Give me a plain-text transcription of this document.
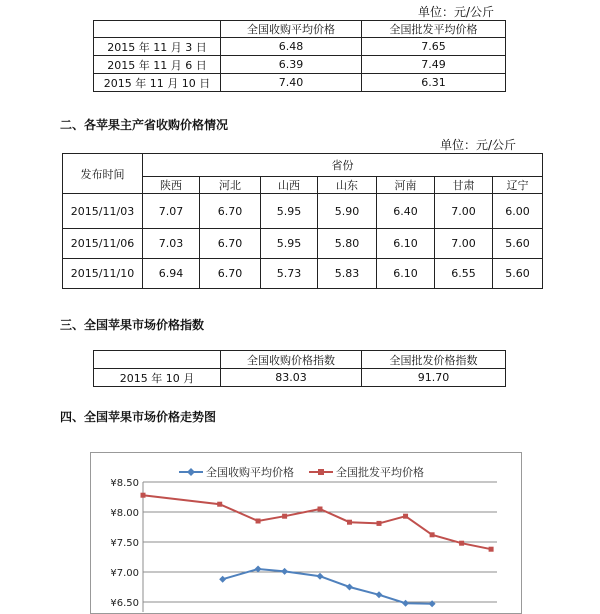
单位：元/公斤
	全国收购平均价格	全国批发平均价格
2015 年 11 月 3 日	6.48	7.65
2015 年 11 月 6 日	6.39	7.49
2015 年 11 月 10 日	7.40	6.31
二、各苹果主产省收购价格情况
单位：元/公斤
发布时间	省份						
	陕西	河北	山西	山东	河南	甘肃	辽宁
2015/11/03	7.07	6.70	5.95	5.90	6.40	7.00	6.00
2015/11/06	7.03	6.70	5.95	5.80	6.10	7.00	5.60
2015/11/10	6.94	6.70	5.73	5.83	6.10	6.55	5.60
三、全国苹果市场价格指数
	全国收购价格指数	全国批发价格指数
2015 年 10 月	83.03	91.70
四、全国苹果市场价格走势图
¥8.50
¥8.00
¥7.50
¥7.00
¥6.50
全国收购平均价格	全国批发平均价格
